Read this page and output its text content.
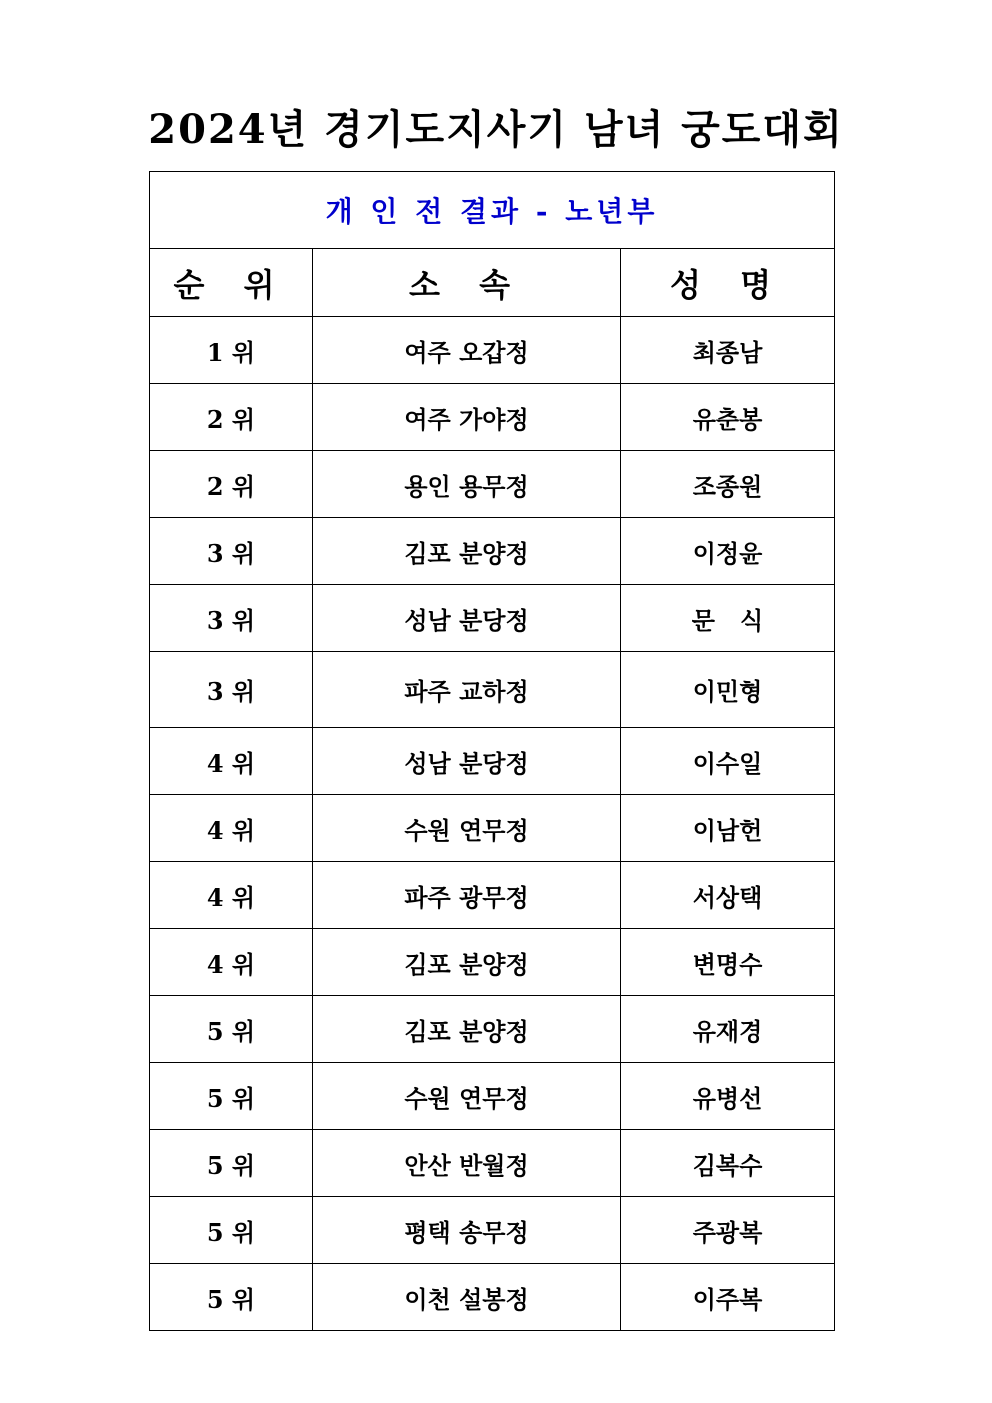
2024년 경기도지사기 남녀 궁도대회
개 인 전 결과 - 노년부		
순 위	소 속	성 명
1 위	여주 오갑정	최종남
2 위	여주 가야정	유춘봉
2 위	용인 용무정	조종원
3 위	김포 분양정	이정윤
3 위	성남 분당정	문   식
3 위	파주 교하정	이민형
4 위	성남 분당정	이수일
4 위	수원 연무정	이남헌
4 위	파주 광무정	서상택
4 위	김포 분양정	변명수
5 위	김포 분양정	유재경
5 위	수원 연무정	유병선
5 위	안산 반월정	김복수
5 위	평택 송무정	주광복
5 위	이천 설봉정	이주복
